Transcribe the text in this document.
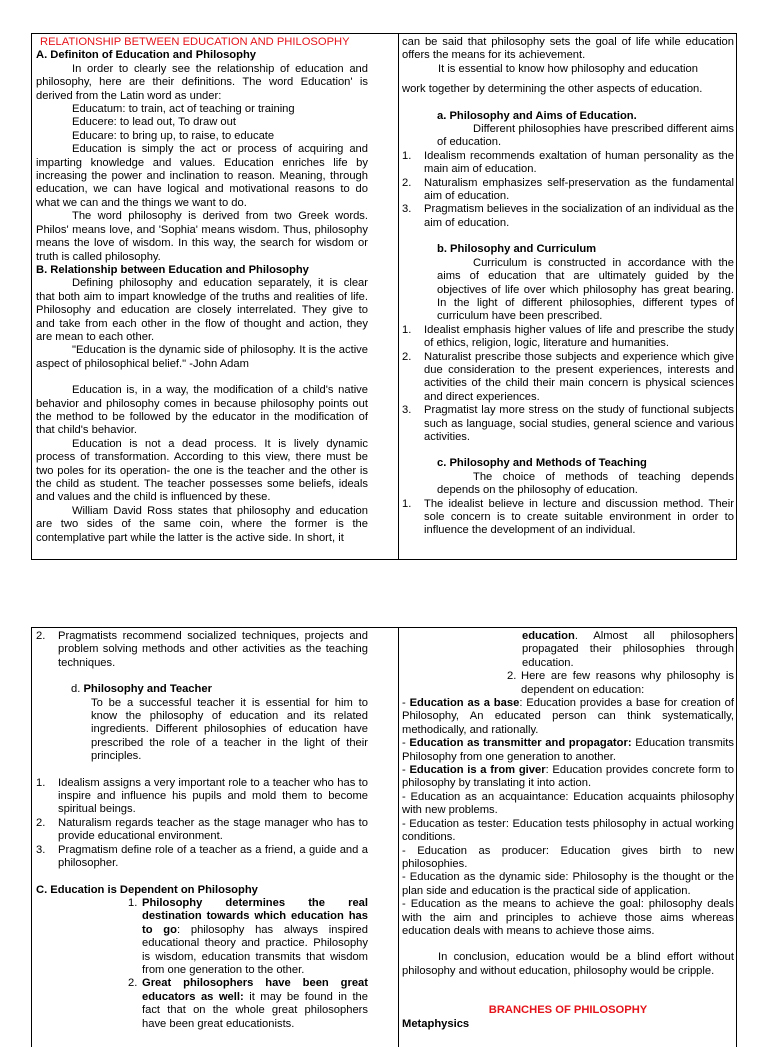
RELATIONSHIP BETWEEN EDUCATION AND PHILOSOPHY

A. Definiton of Education and Philosophy

In order to clearly see the relationship of education and philosophy, here are their definitions. The word Education' is derived from the Latin word as under:

Educatum: to train, act of teaching or training
Educere: to lead out, To draw out
Educare: to bring up, to raise, to educate

Education is simply the act or process of acquiring and imparting knowledge and values. Education enriches life by increasing the power and inclination to reason. Meaning, through education, we can have logical and motivational reasons to do what we can and the things we want to do.

The word philosophy is derived from two Greek words. Philos' means love, and 'Sophia' means wisdom. Thus, philosophy means the love of wisdom. In this way, the search for wisdom or truth is called philosophy.

B. Relationship between Education and Philosophy

Defining philosophy and education separately, it is clear that both aim to impart knowledge of the truths and realities of life. Philosophy and education are closely interrelated. They give to and take from each other in the flow of thought and action, they are mean to each other.

"Education is the dynamic side of philosophy. It is the active aspect of philosophical belief." -John Adam

Education is, in a way, the modification of a child's native behavior and philosophy comes in because philosophy points out the method to be followed by the educator in the modification of that child's behavior.

Education is not a dead process. It is lively dynamic process of transformation. According to this view, there must be two poles for its operation- the one is the teacher and the other is the child as student. The teacher possesses some beliefs, ideals and values and the child is influenced by these.

William David Ross states that philosophy and education are two sides of the same coin, where the former is the contemplative part while the latter is the active side. In short, it

can be said that philosophy sets the goal of life while education offers the means for its achievement.

It is essential to know how philosophy and education

work together by determining the other aspects of education.

a. Philosophy and Aims of Education.

Different philosophies have prescribed different aims of education.

1. Idealism recommends exaltation of human personality as the main aim of education.
2. Naturalism emphasizes self-preservation as the fundamental aim of education.
3. Pragmatism believes in the socialization of an individual as the aim of education.

b. Philosophy and Curriculum

Curriculum is constructed in accordance with the aims of education that are ultimately guided by the objectives of life over which philosophy has great bearing. In the light of different philosophies, different types of curriculum have been prescribed.

1. Idealist emphasis higher values of life and prescribe the study of ethics, religion, logic, literature and humanities.
2. Naturalist prescribe those subjects and experience which give due consideration to the present experiences, interests and activities of the child their main concern is physical sciences and direct experiences.
3. Pragmatist lay more stress on the study of functional subjects such as language, social studies, general science and various activities.

c. Philosophy and Methods of Teaching

The choice of methods of teaching depends depends on the philosophy of education.

1. The idealist believe in lecture and discussion method. Their sole concern is to create suitable environment in order to influence the development of an individual.
2. Pragmatists recommend socialized techniques, projects and problem solving methods and other activities as the teaching techniques.

d. Philosophy and Teacher

To be a successful teacher it is essential for him to know the philosophy of education and its related ingredients. Different philosophies of education have prescribed the role of a teacher in the light of their principles.

1. Idealism assigns a very important role to a teacher who has to inspire and influence his pupils and mold them to become spiritual beings.
2. Naturalism regards teacher as the stage manager who has to provide educational environment.
3. Pragmatism define role of a teacher as a friend, a guide and a philosopher.

C. Education is Dependent on Philosophy

1. Philosophy determines the real destination towards which education has to go: philosophy has always inspired educational theory and practice. Philosophy is wisdom, education transmits that wisdom from one generation to the other.
2. Great philosophers have been great educators as well: it may be found in the fact that on the whole great philosophers have been great educationists.

education. Almost all philosophers propagated their philosophies through education.

2. Here are few reasons why philosophy is dependent on education:

- Education as a base: Education provides a base for creation of Philosophy, An educated person can think systematically, methodically, and rationally.

- Education as transmitter and propagator: Education transmits Philosophy from one generation to another.

- Education is a from giver: Education provides concrete form to philosophy by translating it into action.

- Education as an acquaintance: Education acquaints philosophy with new problems.

- Education as tester: Education tests philosophy in actual working conditions.

- Education as producer: Education gives birth to new philosophies.

- Education as the dynamic side: Philosophy is the thought or the plan side and education is the practical side of application.

- Education as the means to achieve the goal: philosophy deals with the aim and principles to achieve those aims whereas education deals with means to achieve those aims.

In conclusion, education would be a blind effort without philosophy and without education, philosophy would be cripple.

BRANCHES OF PHILOSOPHY

Metaphysics
